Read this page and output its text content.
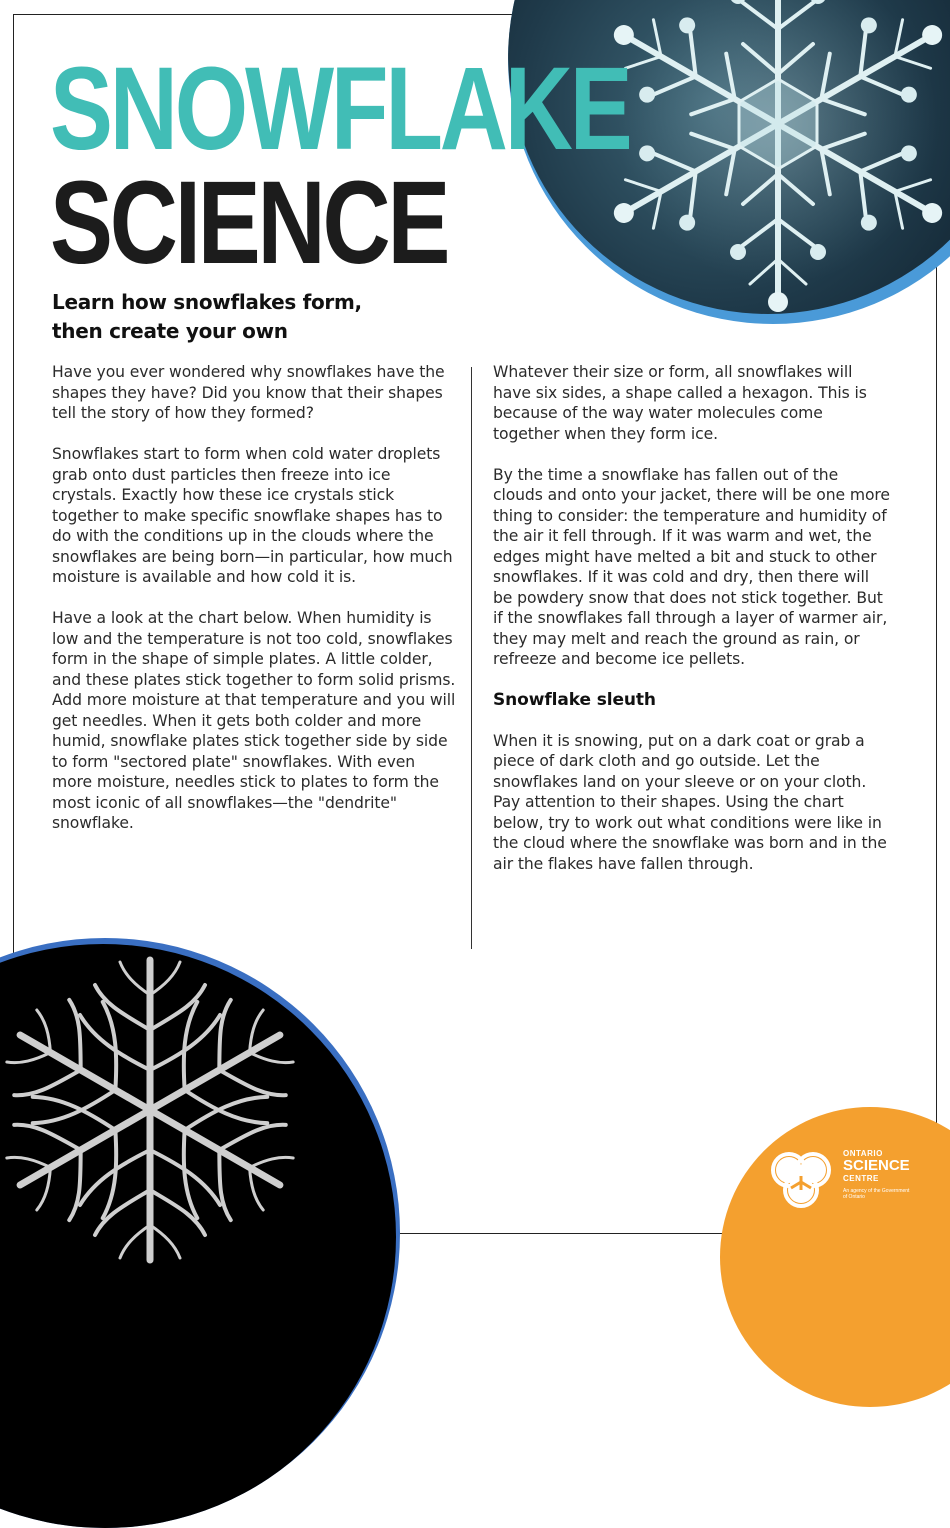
SNOWFLAKE
SCIENCE
Learn how snowflakes form,
then create your own

Have you ever wondered why snowflakes have the shapes they have? Did you know that their shapes tell the story of how they formed?

Snowflakes start to form when cold water droplets grab onto dust particles then freeze into ice crystals. Exactly how these ice crystals stick together to make specific snowflake shapes has to do with the conditions up in the clouds where the snowflakes are being born—in particular, how much moisture is available and how cold it is.

Have a look at the chart below. When humidity is low and the temperature is not too cold, snowflakes form in the shape of simple plates. A little colder, and these plates stick together to form solid prisms. Add more moisture at that temperature and you will get needles. When it gets both colder and more humid, snowflake plates stick together side by side to form "sectored plate" snowflakes. With even more moisture, needles stick to plates to form the most iconic of all snowflakes—the "dendrite" snowflake.

Whatever their size or form, all snowflakes will have six sides, a shape called a hexagon. This is because of the way water molecules come together when they form ice.

By the time a snowflake has fallen out of the clouds and onto your jacket, there will be one more thing to consider: the temperature and humidity of the air it fell through. If it was warm and wet, the edges might have melted a bit and stuck to other snowflakes. If it was cold and dry, then there will be powdery snow that does not stick together. But if the snowflakes fall through a layer of warmer air, they may melt and reach the ground as rain, or refreeze and become ice pellets.

Snowflake sleuth

When it is snowing, put on a dark coat or grab a piece of dark cloth and go outside. Let the snowflakes land on your sleeve or on your cloth. Pay attention to their shapes. Using the chart below, try to work out what conditions were like in the cloud where the snowflake was born and in the air the flakes have fallen through.

ONTARIO
SCIENCE
CENTRE
An agency of the Government of Ontario
